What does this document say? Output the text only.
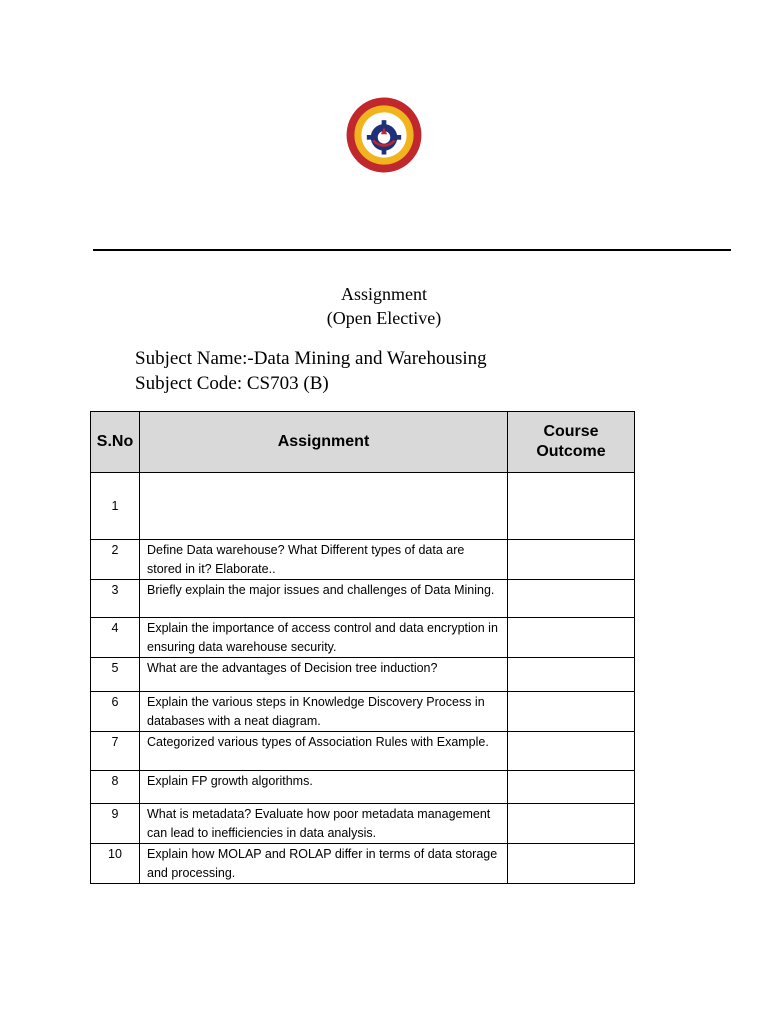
Assignment
(Open Elective)
Subject Name:-Data Mining and Warehousing
Subject Code: CS703 (B)
S.No	Assignment	Course Outcome
1		
2	Define Data warehouse? What Different types of data are stored in it? Elaborate..	
3	Briefly explain the major issues and challenges of Data Mining.	
4	Explain the importance of access control and data encryption in ensuring data warehouse security.	
5	What are the advantages of Decision tree induction?	
6	Explain the various steps in Knowledge Discovery Process in databases with a neat diagram.	
7	Categorized various types of Association Rules with Example.	
8	Explain FP growth algorithms.	
9	What is metadata? Evaluate how poor metadata management can lead to inefficiencies in data analysis.	
10	Explain how MOLAP and ROLAP differ in terms of data storage and processing.	
